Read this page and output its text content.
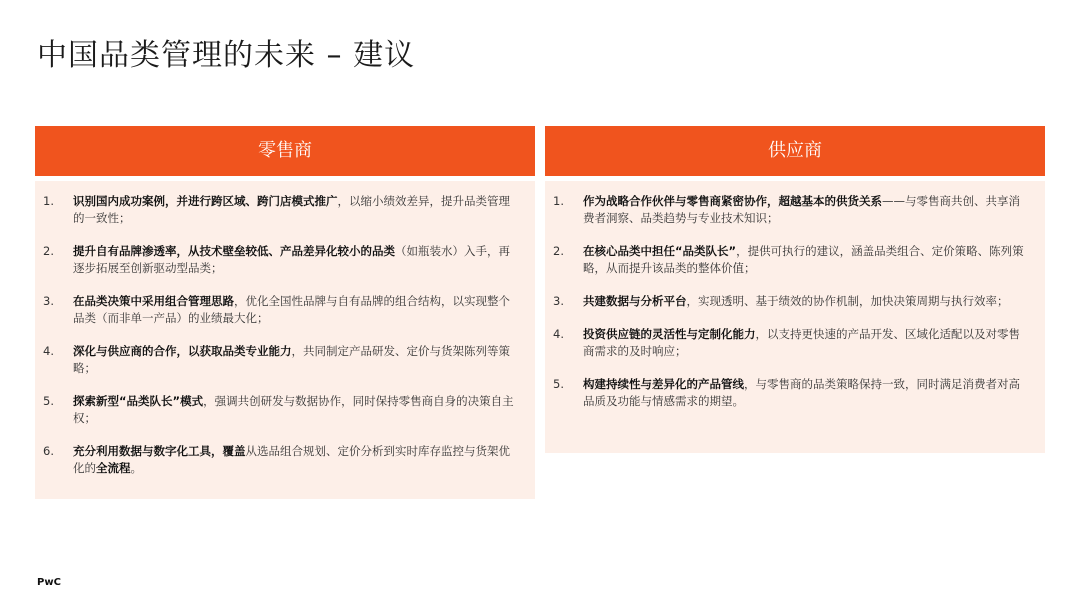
中国品类管理的未来 – 建议
零售商
1.	识别国内成功案例，并进行跨区域、跨门店模式推广，以缩小绩效差异，提升品类管理的一致性；
2.	提升自有品牌渗透率，从技术壁垒较低、产品差异化较小的品类（如瓶装水）入手，再逐步拓展至创新驱动型品类；
3.	在品类决策中采用组合管理思路，优化全国性品牌与自有品牌的组合结构，以实现整个品类（而非单一产品）的业绩最大化；
4.	深化与供应商的合作，以获取品类专业能力，共同制定产品研发、定价与货架陈列等策略；
5.	探索新型“品类队长”模式，强调共创研发与数据协作，同时保持零售商自身的决策自主权；
6.	充分利用数据与数字化工具，覆盖从选品组合规划、定价分析到实时库存监控与货架优化的全流程。
供应商
1.	作为战略合作伙伴与零售商紧密协作，超越基本的供货关系——与零售商共创、共享消费者洞察、品类趋势与专业技术知识；
2.	在核心品类中担任“品类队长”，提供可执行的建议，涵盖品类组合、定价策略、陈列策略，从而提升该品类的整体价值；
3.	共建数据与分析平台，实现透明、基于绩效的协作机制，加快决策周期与执行效率；
4.	投资供应链的灵活性与定制化能力，以支持更快速的产品开发、区域化适配以及对零售商需求的及时响应；
5.	构建持续性与差异化的产品管线，与零售商的品类策略保持一致，同时满足消费者对高品质及功能与情感需求的期望。
PwC
